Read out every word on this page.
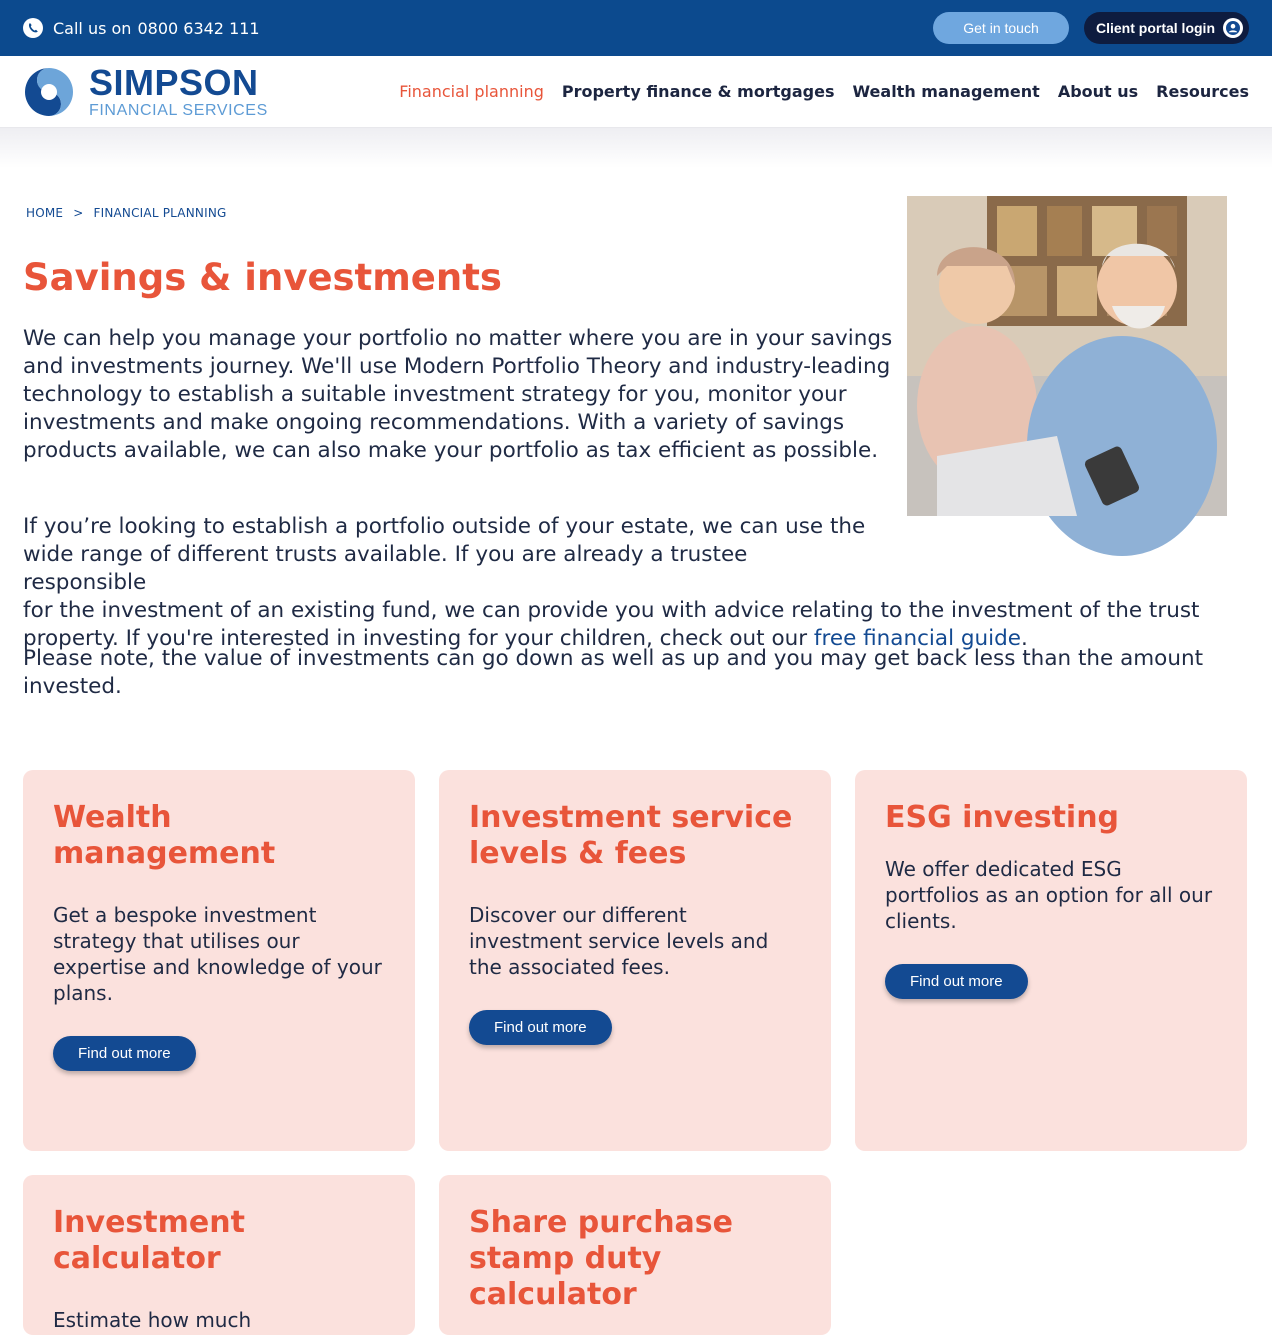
Call us on 0800 6342 111	Get in touch	Client portal login
SIMPSON
FINANCIAL SERVICES
Financial planning Property finance & mortgages Wealth management About us Resources
HOME > FINANCIAL PLANNING
Savings & investments

We can help you manage your portfolio no matter where you are in your savings and investments journey. We'll use Modern Portfolio Theory and industry-leading technology to establish a suitable investment strategy for you, monitor your investments and make ongoing recommendations. With a variety of savings products available, we can also make your portfolio as tax efficient as possible.

If you’re looking to establish a portfolio outside of your estate, we can use the wide range of different trusts available. If you are already a trustee responsible
for the investment of an existing fund, we can provide you with advice relating to the investment of the trust property. If you're interested in investing for your children, check out our free financial guide.

Please note, the value of investments can go down as well as up and you may get back less than the amount invested.

Wealth management

Get a bespoke investment strategy that utilises our expertise and knowledge of your plans.

Find out more
Investment service levels & fees

Discover our different investment service levels and the associated fees.

Find out more
ESG investing

We offer dedicated ESG portfolios as an option for all our clients.

Find out more
Investment calculator

Estimate how much

Share purchase stamp duty calculator
